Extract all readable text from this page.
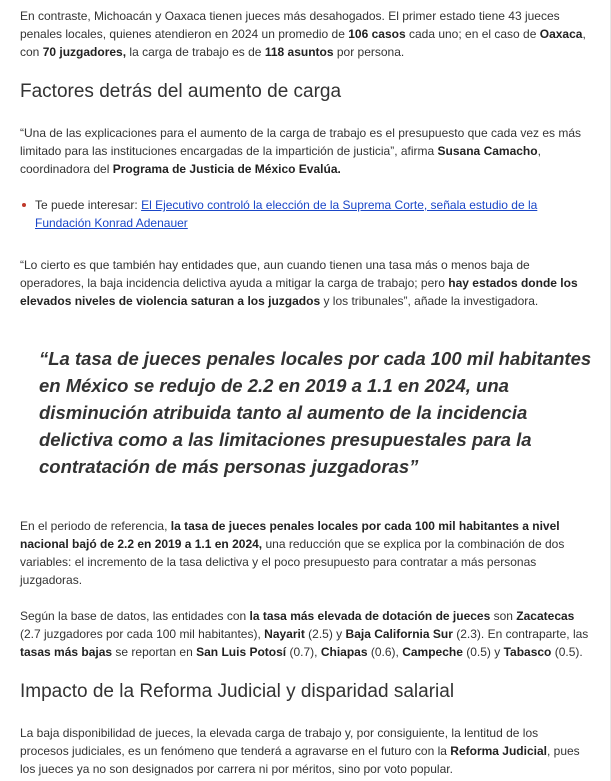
En contraste, Michoacán y Oaxaca tienen jueces más desahogados. El primer estado tiene 43 jueces penales locales, quienes atendieron en 2024 un promedio de 106 casos cada uno; en el caso de Oaxaca, con 70 juzgadores, la carga de trabajo es de 118 asuntos por persona.

Factores detrás del aumento de carga

“Una de las explicaciones para el aumento de la carga de trabajo es el presupuesto que cada vez es más limitado para las instituciones encargadas de la impartición de justicia”, afirma Susana Camacho, coordinadora del Programa de Justicia de México Evalúa.

Te puede interesar: El Ejecutivo controló la elección de la Suprema Corte, señala estudio de la Fundación Konrad Adenauer

“Lo cierto es que también hay entidades que, aun cuando tienen una tasa más o menos baja de operadores, la baja incidencia delictiva ayuda a mitigar la carga de trabajo; pero hay estados donde los elevados niveles de violencia saturan a los juzgados y los tribunales”, añade la investigadora.

“La tasa de jueces penales locales por cada 100 mil habitantes en México se redujo de 2.2 en 2019 a 1.1 en 2024, una disminución atribuida tanto al aumento de la incidencia delictiva como a las limitaciones presupuestales para la contratación de más personas juzgadoras”

En el periodo de referencia, la tasa de jueces penales locales por cada 100 mil habitantes a nivel nacional bajó de 2.2 en 2019 a 1.1 en 2024, una reducción que se explica por la combinación de dos variables: el incremento de la tasa delictiva y el poco presupuesto para contratar a más personas juzgadoras.

Según la base de datos, las entidades con la tasa más elevada de dotación de jueces son Zacatecas (2.7 juzgadores por cada 100 mil habitantes), Nayarit (2.5) y Baja California Sur (2.3). En contraparte, las tasas más bajas se reportan en San Luis Potosí (0.7), Chiapas (0.6), Campeche (0.5) y Tabasco (0.5).

Impacto de la Reforma Judicial y disparidad salarial

La baja disponibilidad de jueces, la elevada carga de trabajo y, por consiguiente, la lentitud de los procesos judiciales, es un fenómeno que tenderá a agravarse en el futuro con la Reforma Judicial, pues los jueces ya no son designados por carrera ni por méritos, sino por voto popular.
